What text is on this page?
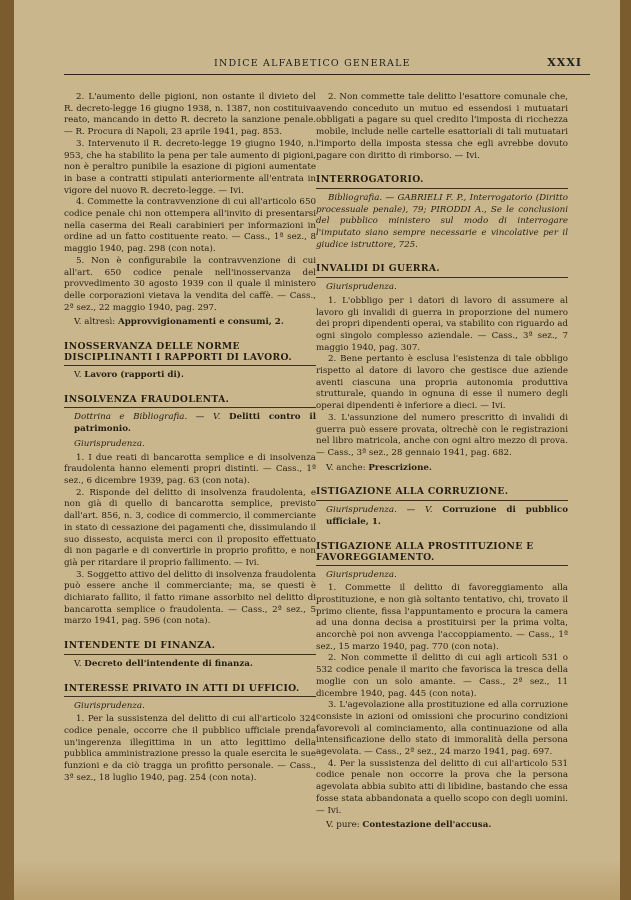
INDICE ALFABETICO GENERALE	XXXI

2. L'aumento delle pigioni, non ostante il divieto del R. decreto-legge 16 giugno 1938, n. 1387, non costituiva reato, mancando in detto R. decreto la sanzione penale. — R. Procura di Napoli, 23 aprile 1941, pag. 853.

3. Intervenuto il R. decreto-legge 19 giugno 1940, n. 953, che ha stabilito la pena per tale aumento di pigioni, non è peraltro punibile la esazione di pigioni aumentate in base a contratti stipulati anteriormente all'entrata in vigore del nuovo R. decreto-legge. — Ivi.

4. Commette la contravvenzione di cui all'articolo 650 codice penale chi non ottempera all'invito di presentarsi nella caserma dei Reali carabinieri per informazioni in ordine ad un fatto costituente reato. — Cass., 1ª sez., 8 maggio 1940, pag. 298 (con nota).

5. Non è configurabile la contravvenzione di cui all'art. 650 codice penale nell'inosservanza del provvedimento 30 agosto 1939 con il quale il ministero delle corporazioni vietava la vendita del caffè. — Cass., 2ª sez., 22 maggio 1940, pag. 297.

V. altresì: Approvvigionamenti e consumi, 2.

INOSSERVANZA DELLE NORME DISCIPLINANTI I RAPPORTI DI LAVORO.

V. Lavoro (rapporti di).

INSOLVENZA FRAUDOLENTA.

Dottrina e Bibliografia. — V. Delitti contro il patrimonio.

Giurisprudenza.

1. I due reati di bancarotta semplice e di insolvenza fraudolenta hanno elementi propri distinti. — Cass., 1ª sez., 6 dicembre 1939, pag. 63 (con nota).

2. Risponde del delitto di insolvenza fraudolenta, e non già di quello di bancarotta semplice, previsto dall'art. 856, n. 3, codice di commercio, il commerciante in stato di cessazione dei pagamenti che, dissimulando il suo dissesto, acquista merci con il proposito effettuato di non pagarle e di convertirle in proprio profitto, e non già per ritardare il proprio fallimento. — Ivi.

3. Soggetto attivo del delitto di insolvenza fraudolenta può essere anche il commerciante; ma, se questi è dichiarato fallito, il fatto rimane assorbito nel delitto di bancarotta semplice o fraudolenta. — Cass., 2ª sez., 5 marzo 1941, pag. 596 (con nota).

INTENDENTE DI FINANZA.

V. Decreto dell'intendente di finanza.

INTERESSE PRIVATO IN ATTI DI UFFICIO.
Giurisprudenza.

1. Per la sussistenza del delitto di cui all'articolo 324 codice penale, occorre che il pubblico ufficiale prenda un'ingerenza illegittima in un atto legittimo della pubblica amministrazione presso la quale esercita le sue funzioni e da ciò tragga un profitto personale. — Cass., 3ª sez., 18 luglio 1940, pag. 254 (con nota).

2. Non commette tale delitto l'esattore comunale che, avendo conceduto un mutuo ed essendosi i mutuatari obbligati a pagare su quel credito l'imposta di ricchezza mobile, include nelle cartelle esattoriali di tali mutuatari l'importo della imposta stessa che egli avrebbe dovuto pagare con diritto di rimborso. — Ivi.

INTERROGATORIO.

Bibliografia. — GABRIELI F. P., Interrogatorio (Diritto processuale penale), 79; PIRODDI A., Se le conclusioni del pubblico ministero sul modo di interrogare l'imputato siano sempre necessarie e vincolative per il giudice istruttore, 725.

INVALIDI DI GUERRA.
Giurisprudenza.

1. L'obbligo per i datori di lavoro di assumere al lavoro gli invalidi di guerra in proporzione del numero dei propri dipendenti operai, va stabilito con riguardo ad ogni singolo complesso aziendale. — Cass., 3ª sez., 7 maggio 1940, pag. 307.

2. Bene pertanto è esclusa l'esistenza di tale obbligo rispetto al datore di lavoro che gestisce due aziende aventi ciascuna una propria autonomia produttiva strutturale, quando in ognuna di esse il numero degli operai dipendenti è inferiore a dieci. — Ivi.

3. L'assunzione del numero prescritto di invalidi di guerra può essere provata, oltrechè con le registrazioni nel libro matricola, anche con ogni altro mezzo di prova. — Cass., 3ª sez., 28 gennaio 1941, pag. 682.

V. anche: Prescrizione.

ISTIGAZIONE ALLA CORRUZIONE.

Giurisprudenza. — V. Corruzione di pubblico ufficiale, 1.

ISTIGAZIONE ALLA PROSTITUZIONE E FAVOREGGIAMENTO.
Giurisprudenza.

1. Commette il delitto di favoreggiamento alla prostituzione, e non già soltanto tentativo, chi, trovato il primo cliente, fissa l'appuntamento e procura la camera ad una donna decisa a prostituirsi per la prima volta, ancorchè poi non avvenga l'accoppiamento. — Cass., 1ª sez., 15 marzo 1940, pag. 770 (con nota).

2. Non commette il delitto di cui agli articoli 531 o 532 codice penale il marito che favorisca la tresca della moglie con un solo amante. — Cass., 2ª sez., 11 dicembre 1940, pag. 445 (con nota).

3. L'agevolazione alla prostituzione ed alla corruzione consiste in azioni od omissioni che procurino condizioni favorevoli al cominciamento, alla continuazione od alla intensificazione dello stato di immoralità della persona agevolata. — Cass., 2ª sez., 24 marzo 1941, pag. 697.

4. Per la sussistenza del delitto di cui all'articolo 531 codice penale non occorre la prova che la persona agevolata abbia subito atti di libidine, bastando che essa fosse stata abbandonata a quello scopo con degli uomini. — Ivi.

V. pure: Contestazione dell'accusa.
